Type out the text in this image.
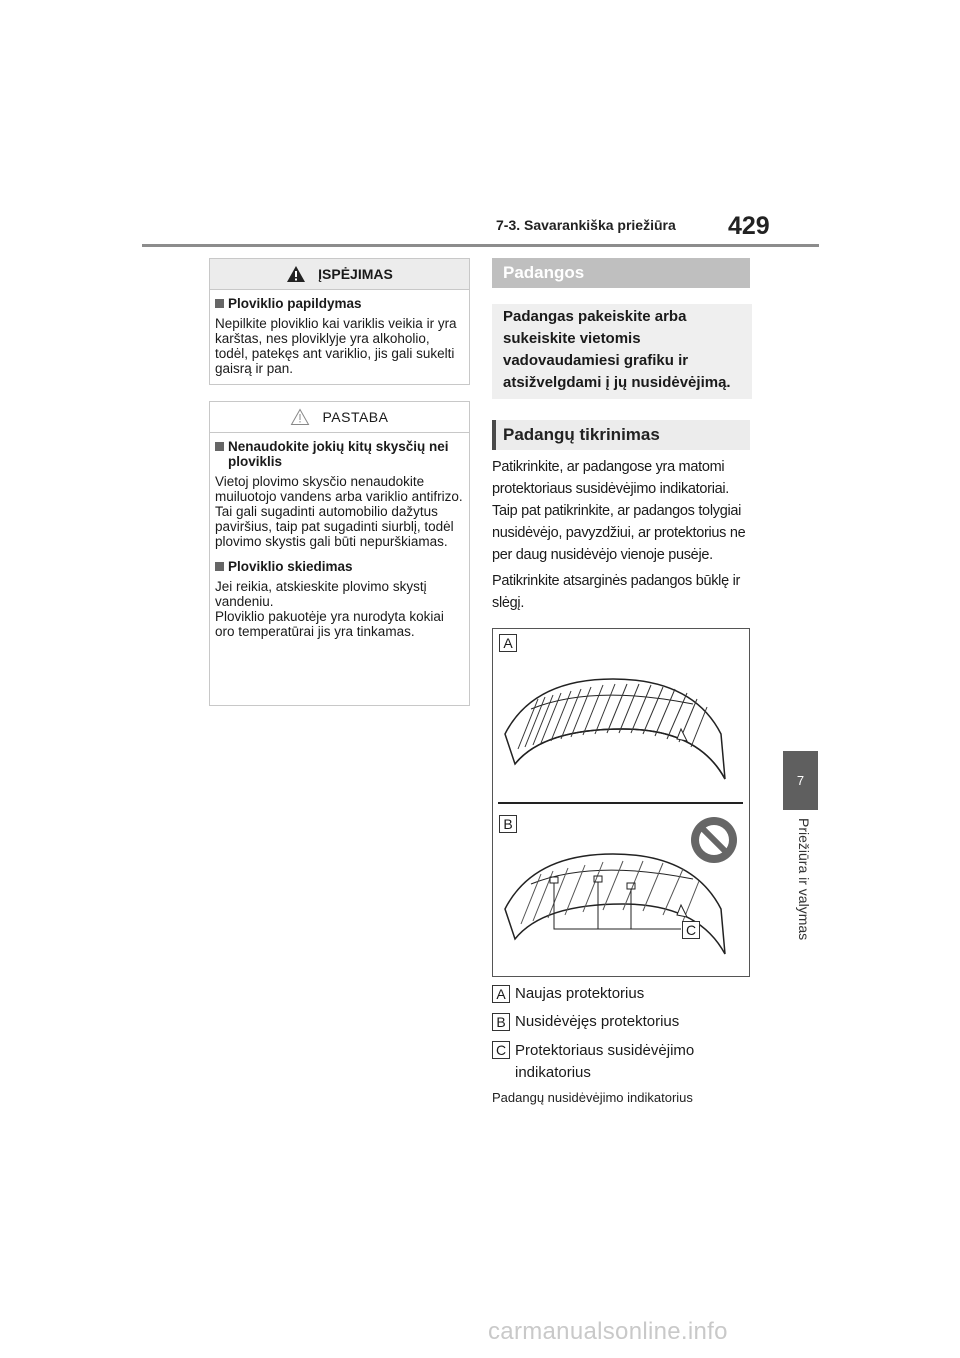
7-3. Savarankiška priežiūra 429
7
Priežiūra ir valymas
ĮSPĖJIMAS
Ploviklio papildymas
Nepilkite ploviklio kai variklis veikia ir yra karštas, nes ploviklyje yra alkoholio, todėl, patekęs ant variklio, jis gali sukelti gaisrą ir pan.
PASTABA
Nenaudokite jokių kitų skysčių nei ploviklis
Vietoj plovimo skysčio nenaudokite muiluotojo vandens arba variklio antifrizo.
Tai gali sugadinti automobilio dažytus paviršius, taip pat sugadinti siurblį, todėl plovimo skystis gali būti nepurškiamas.
Ploviklio skiedimas
Jei reikia, atskieskite plovimo skystį vandeniu.
Ploviklio pakuotėje yra nurodyta kokiai oro temperatūrai jis yra tinkamas.
Padangos
Padangas pakeiskite arba sukeiskite vietomis vadovaudamiesi grafiku ir atsižvelgdami į jų nusidėvėjimą.
Padangų tikrinimas
Patikrinkite, ar padangose yra matomi protektoriaus susidėvėjimo indikatoriai. Taip pat patikrinkite, ar padangos tolygiai nusidėvėjo, pavyzdžiui, ar protektorius ne per daug nusidėvėjo vienoje pusėje.
Patikrinkite atsarginės padangos būklę ir slėgį.
A
B
C
A Naujas protektorius
B Nusidėvėjęs protektorius
C Protektoriaus susidėvėjimo indikatorius
Padangų nusidėvėjimo indikatorius
carmanualsonline.info
